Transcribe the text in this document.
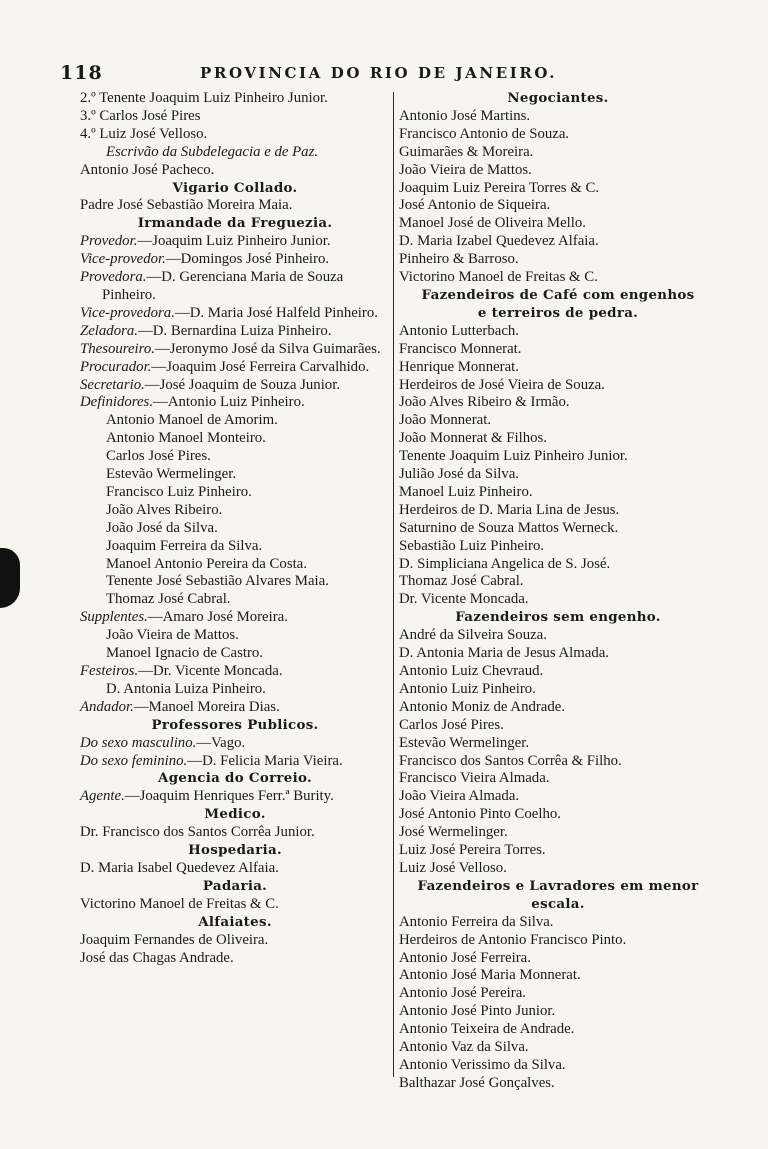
118	PROVINCIA DO RIO DE JANEIRO.
2.º Tenente Joaquim Luiz Pinheiro Junior.
3.º Carlos José Pires
4.º Luiz José Velloso.
Escrivão da Subdelegacia e de Paz.
Antonio José Pacheco.
Vigario Collado.
Padre José Sebastião Moreira Maia.
Irmandade da Freguezia.
Provedor.—Joaquim Luiz Pinheiro Junior.
Vice-provedor.—Domingos José Pinheiro.
Provedora.—D. Gerenciana Maria de Souza Pinheiro.
Vice-provedora.—D. Maria José Halfeld Pinheiro.
Zeladora.—D. Bernardina Luiza Pinheiro.
Thesoureiro.—Jeronymo José da Silva Guimarães.
Procurador.—Joaquim José Ferreira Carvalhido.
Secretario.—José Joaquim de Souza Junior.
Definidores.—Antonio Luiz Pinheiro.
Antonio Manoel de Amorim.
Antonio Manoel Monteiro.
Carlos José Pires.
Estevão Wermelinger.
Francisco Luiz Pinheiro.
João Alves Ribeiro.
João José da Silva.
Joaquim Ferreira da Silva.
Manoel Antonio Pereira da Costa.
Tenente José Sebastião Alvares Maia.
Thomaz José Cabral.
Supplentes.—Amaro José Moreira.
João Vieira de Mattos.
Manoel Ignacio de Castro.
Festeiros.—Dr. Vicente Moncada.
D. Antonia Luiza Pinheiro.
Andador.—Manoel Moreira Dias.
Professores Publicos.
Do sexo masculino.—Vago.
Do sexo feminino.—D. Felicia Maria Vieira.
Agencia do Correio.
Agente.—Joaquim Henriques Ferr.ª Burity.
Medico.
Dr. Francisco dos Santos Corrêa Junior.
Hospedaria.
D. Maria Isabel Quedevez Alfaia.
Padaria.
Victorino Manoel de Freitas & C.
Alfaiates.
Joaquim Fernandes de Oliveira.
José das Chagas Andrade.
Negociantes.
Antonio José Martins.
Francisco Antonio de Souza.
Guimarães & Moreira.
João Vieira de Mattos.
Joaquim Luiz Pereira Torres & C.
José Antonio de Siqueira.
Manoel José de Oliveira Mello.
D. Maria Izabel Quedevez Alfaia.
Pinheiro & Barroso.
Victorino Manoel de Freitas & C.
Fazendeiros de Café com engenhos
e terreiros de pedra.
Antonio Lutterbach.
Francisco Monnerat.
Henrique Monnerat.
Herdeiros de José Vieira de Souza.
João Alves Ribeiro & Irmão.
João Monnerat.
João Monnerat & Filhos.
Tenente Joaquim Luiz Pinheiro Junior.
Julião José da Silva.
Manoel Luiz Pinheiro.
Herdeiros de D. Maria Lina de Jesus.
Saturnino de Souza Mattos Werneck.
Sebastião Luiz Pinheiro.
D. Simpliciana Angelica de S. José.
Thomaz José Cabral.
Dr. Vicente Moncada.
Fazendeiros sem engenho.
André da Silveira Souza.
D. Antonia Maria de Jesus Almada.
Antonio Luiz Chevraud.
Antonio Luiz Pinheiro.
Antonio Moniz de Andrade.
Carlos José Pires.
Estevão Wermelinger.
Francisco dos Santos Corrêa & Filho.
Francisco Vieira Almada.
João Vieira Almada.
José Antonio Pinto Coelho.
José Wermelinger.
Luiz José Pereira Torres.
Luiz José Velloso.
Fazendeiros e Lavradores em menor
escala.
Antonio Ferreira da Silva.
Herdeiros de Antonio Francisco Pinto.
Antonio José Ferreira.
Antonio José Maria Monnerat.
Antonio José Pereira.
Antonio José Pinto Junior.
Antonio Teixeira de Andrade.
Antonio Vaz da Silva.
Antonio Verissimo da Silva.
Balthazar José Gonçalves.
